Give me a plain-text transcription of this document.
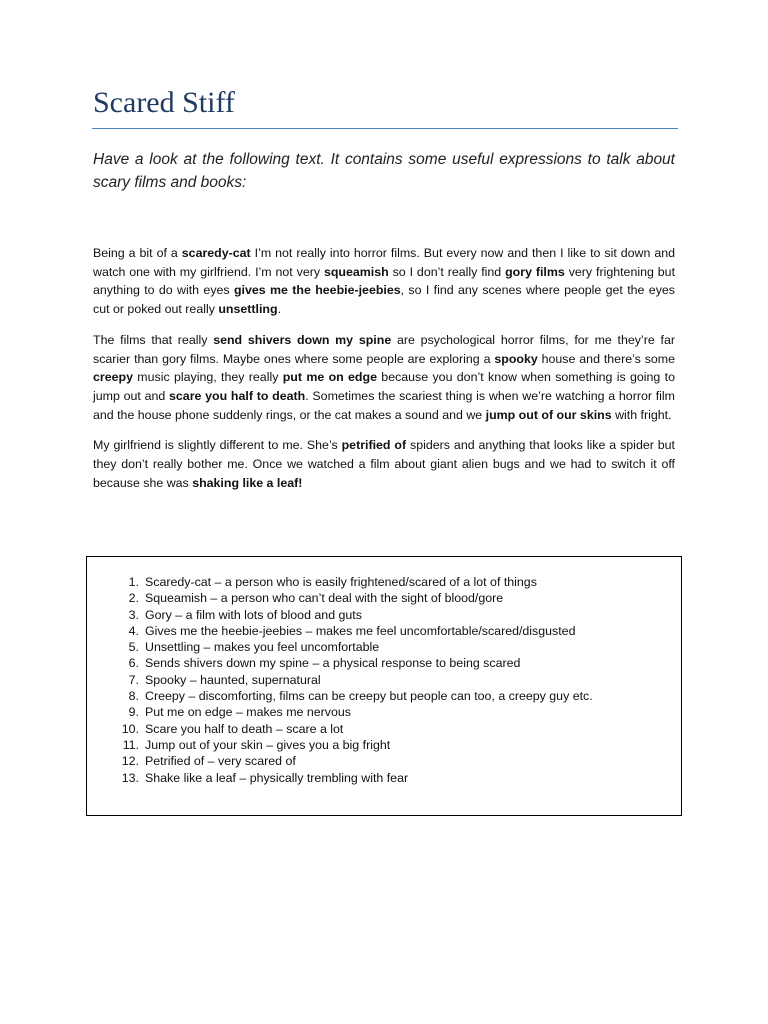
Scared Stiff

Have a look at the following text. It contains some useful expressions to talk about scary films and books:

Being a bit of a scaredy-cat I’m not really into horror films. But every now and then I like to sit down and watch one with my girlfriend. I’m not very squeamish so I don’t really find gory films very frightening but anything to do with eyes gives me the heebie-jeebies, so I find any scenes where people get the eyes cut or poked out really unsettling.

The films that really send shivers down my spine are psychological horror films, for me they’re far scarier than gory films. Maybe ones where some people are exploring a spooky house and there’s some creepy music playing, they really put me on edge because you don’t know when something is going to jump out and scare you half to death. Sometimes the scariest thing is when we’re watching a horror film and the house phone suddenly rings, or the cat makes a sound and we jump out of our skins with fright.

My girlfriend is slightly different to me. She’s petrified of spiders and anything that looks like a spider but they don’t really bother me. Once we watched a film about giant alien bugs and we had to switch it off because she was shaking like a leaf!

1. Scaredy-cat – a person who is easily frightened/scared of a lot of things
2. Squeamish – a person who can’t deal with the sight of blood/gore
3. Gory – a film with lots of blood and guts
4. Gives me the heebie-jeebies – makes me feel uncomfortable/scared/disgusted
5. Unsettling – makes you feel uncomfortable
6. Sends shivers down my spine – a physical response to being scared
7. Spooky – haunted, supernatural
8. Creepy – discomforting, films can be creepy but people can too, a creepy guy etc.
9. Put me on edge – makes me nervous
10. Scare you half to death – scare a lot
11. Jump out of your skin – gives you a big fright
12. Petrified of – very scared of
13. Shake like a leaf – physically trembling with fear
